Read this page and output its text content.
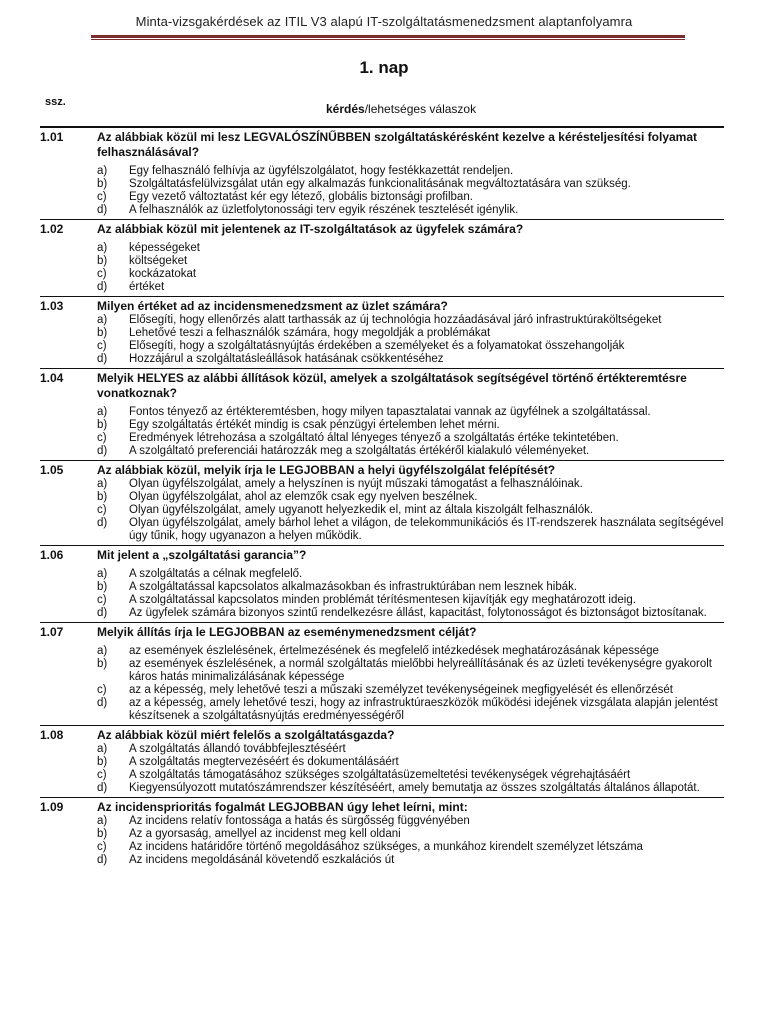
Minta-vizsgakérdések az ITIL V3 alapú IT-szolgáltatásmenedzsment alaptanfolyamra
1. nap
ssz.	kérdés/lehetséges válaszok
1.01	Az alábbiak közül mi lesz LEGVALÓSZÍNŰBBEN szolgáltatáskérésként kezelve a kérésteljesítési folyamat felhasználásával?
a)	Egy felhasználó felhívja az ügyfélszolgálatot, hogy festékkazettát rendeljen.
b)	Szolgáltatásfelülvizsgálat után egy alkalmazás funkcionalitásának megváltoztatására van szükség.
c)	Egy vezető változtatást kér egy létező, globális biztonsági profilban.
d)	A felhasználók az üzletfolytonossági terv egyik részének tesztelését igénylik.
1.02	Az alábbiak közül mit jelentenek az IT-szolgáltatások az ügyfelek számára?
a)	képességeket
b)	költségeket
c)	kockázatokat
d)	értéket
1.03	Milyen értéket ad az incidensmenedzsment az üzlet számára?
a)	Elősegíti, hogy ellenőrzés alatt tarthassák az új technológia hozzáadásával járó infrastruktúraköltségeket
b)	Lehetővé teszi a felhasználók számára, hogy megoldják a problémákat
c)	Elősegíti, hogy a szolgáltatásnyújtás érdekében a személyeket és a folyamatokat összehangolják
d)	Hozzájárul a szolgáltatásleállások hatásának csökkentéséhez
1.04	Melyik HELYES az alábbi állítások közül, amelyek a szolgáltatások segítségével történő értékteremtésre vonatkoznak?
a)	Fontos tényező az értékteremtésben, hogy milyen tapasztalatai vannak az ügyfélnek a szolgáltatással.
b)	Egy szolgáltatás értékét mindig is csak pénzügyi értelemben lehet mérni.
c)	Eredmények létrehozása a szolgáltató által lényeges tényező a szolgáltatás értéke tekintetében.
d)	A szolgáltató preferenciái határozzák meg a szolgáltatás értékéről kialakuló véleményeket.
1.05	Az alábbiak közül, melyik írja le LEGJOBBAN a helyi ügyfélszolgálat felépítését?
a)	Olyan ügyfélszolgálat, amely a helyszínen is nyújt műszaki támogatást a felhasználóinak.
b)	Olyan ügyfélszolgálat, ahol az elemzők csak egy nyelven beszélnek.
c)	Olyan ügyfélszolgálat, amely ugyanott helyezkedik el, mint az általa kiszolgált felhasználók.
d)	Olyan ügyfélszolgálat, amely bárhol lehet a világon, de telekommunikációs és IT-rendszerek használata segítségével úgy tűnik, hogy ugyanazon a helyen működik.
1.06	Mit jelent a „szolgáltatási garancia”?
a)	A szolgáltatás a célnak megfelelő.
b)	A szolgáltatással kapcsolatos alkalmazásokban és infrastruktúrában nem lesznek hibák.
c)	A szolgáltatással kapcsolatos minden problémát térítésmentesen kijavítják egy meghatározott ideig.
d)	Az ügyfelek számára bizonyos szintű rendelkezésre állást, kapacitást, folytonosságot és biztonságot biztosítanak.
1.07	Melyik állítás írja le LEGJOBBAN az eseménymenedzsment célját?
a)	az események észlelésének, értelmezésének és megfelelő intézkedések meghatározásának képessége
b)	az események észlelésének, a normál szolgáltatás mielőbbi helyreállításának és az üzleti tevékenységre gyakorolt káros hatás minimalizálásának képessége
c)	az a képesség, mely lehetővé teszi a műszaki személyzet tevékenységeinek megfigyelését és ellenőrzését
d)	az a képesség, amely lehetővé teszi, hogy az infrastruktúraeszközök működési idejének vizsgálata alapján jelentést készítsenek a szolgáltatásnyújtás eredményességéről
1.08	Az alábbiak közül miért felelős a szolgáltatásgazda?
a)	A szolgáltatás állandó továbbfejlesztéséért
b)	A szolgáltatás megtervezéséért és dokumentálásáért
c)	A szolgáltatás támogatásához szükséges szolgáltatásüzemeltetési tevékenységek végrehajtásáért
d)	Kiegyensúlyozott mutatószámrendszer készítéséért, amely bemutatja az összes szolgáltatás általános állapotát.
1.09	Az incidensprioritás fogalmát LEGJOBBAN úgy lehet leírni, mint:
a)	Az incidens relatív fontossága a hatás és sürgősség függvényében
b)	Az a gyorsaság, amellyel az incidenst meg kell oldani
c)	Az incidens határidőre történő megoldásához szükséges, a munkához kirendelt személyzet létszáma
d)	Az incidens megoldásánál követendő eszkalációs út
